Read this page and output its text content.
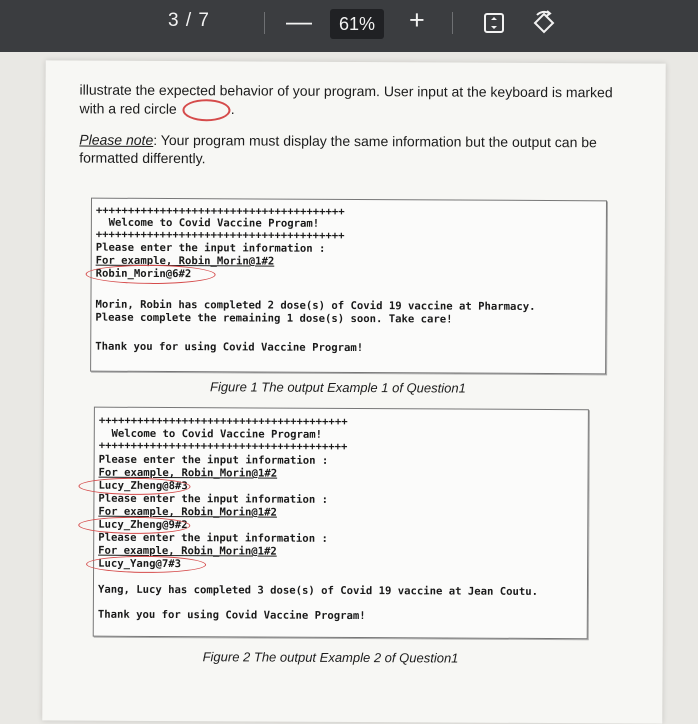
3 / 7	—	61%	+
illustrate the expected behavior of your program. User input at the keyboard is marked with a red circle	.
Please note: Your program must display the same information but the output can be formatted differently.
+++++++++++++++++++++++++++++++++++++++
Welcome to Covid Vaccine Program!
+++++++++++++++++++++++++++++++++++++++
Please enter the input information :
For example, Robin_Morin@1#2
Robin_Morin@6#2
Morin, Robin has completed 2 dose(s) of Covid 19 vaccine at Pharmacy.
Please complete the remaining 1 dose(s) soon. Take care!
Thank you for using Covid Vaccine Program!
Figure 1 The output Example 1 of Question1
+++++++++++++++++++++++++++++++++++++++
Welcome to Covid Vaccine Program!
+++++++++++++++++++++++++++++++++++++++
Please enter the input information :
For example, Robin_Morin@1#2
Lucy_Zheng@8#3
Please enter the input information :
For example, Robin_Morin@1#2
Lucy_Zheng@9#2
Please enter the input information :
For example, Robin_Morin@1#2
Lucy_Yang@7#3
Yang, Lucy has completed 3 dose(s) of Covid 19 vaccine at Jean Coutu.
Thank you for using Covid Vaccine Program!
Figure 2 The output Example 2 of Question1
